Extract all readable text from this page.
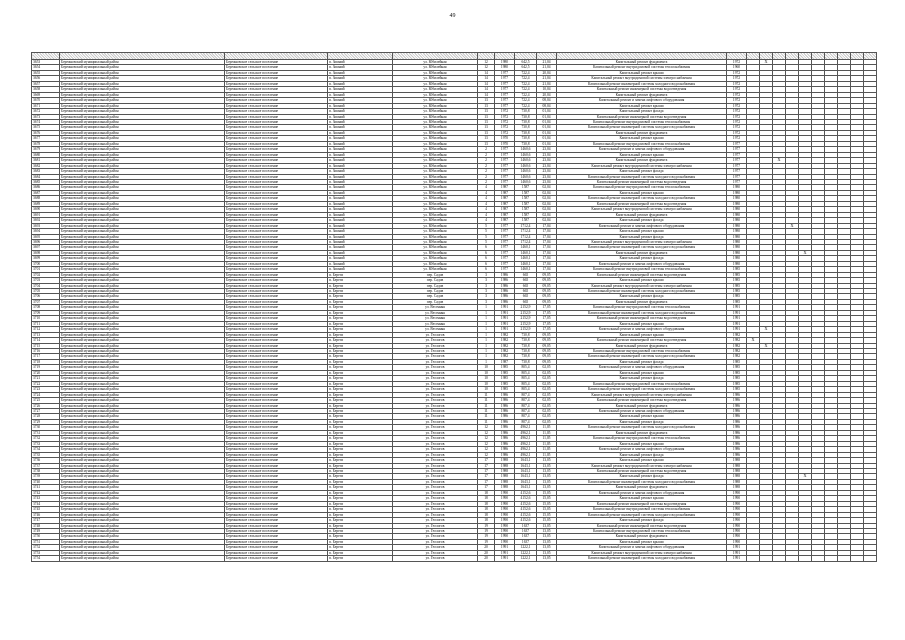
49

3653	Бережковский муниципальный район	Бережковское сельское поселение	п. Зимний	ул. Юбилейная	12	1980	642,5	21,04	Капитальный ремонт фундамента	1972		X								
3654	Бережковский муниципальный район	Бережковское сельское поселение	п. Зимний	ул. Юбилейная	12	1980	642,5	21,04	Капитальный ремонт внутридомовой системы теплоснабжения	1960										
3655	Бережковский муниципальный район	Бережковское сельское поселение	п. Зимний	ул. Юбилейная	14	1977	722,4	20,04	Капитальный ремонт крыши	1972										
3656	Бережковский муниципальный район	Бережковское сельское поселение	п. Зимний	ул. Юбилейная	14	1977	722,4	21,04	Капитальный ремонт внутридомовой системы электроснабжения	1972										
3657	Бережковский муниципальный район	Бережковское сельское поселение	п. Зимний	ул. Юбилейная	14	1977	722,4	21,04	Капитальный ремонт инженерной системы холодного водоснабжения	1972										
3658	Бережковский муниципальный район	Бережковское сельское поселение	п. Зимний	ул. Юбилейная	14	1977	722,4	10,04	Капитальный ремонт инженерной системы водоотведения	1972										
3669	Бережковский муниципальный район	Бережковское сельское поселение	п. Зимний	ул. Юбилейная	14	1977	722,4	20,04	Капитальный ремонт фундамента	1972										
3670	Бережковский муниципальный район	Бережковское сельское поселение	п. Зимний	ул. Юбилейная	13	1977	722,4	08,04	Капитальный ремонт и замена лифтового оборудования	1972										
3671	Бережковский муниципальный район	Бережковское сельское поселение	п. Зимний	ул. Юбилейная	13	1977	722,4	08,04	Капитальный ремонт крыши	1972										
3672	Бережковский муниципальный район	Бережковское сельское поселение	п. Зимний	ул. Юбилейная	13	1972	730,8	01,04	Капитальный ремонт фасада	1972										
3673	Бережковский муниципальный район	Бережковское сельское поселение	п. Зимний	ул. Юбилейная	13	1972	730,8	01,04	Капитальный ремонт инженерной системы водоотведения	1972										
3674	Бережковский муниципальный район	Бережковское сельское поселение	п. Зимний	ул. Юбилейная	13	1972	730,8	01,04	Капитальный ремонт внутридомовой системы теплоснабжения	1972										
3675	Бережковский муниципальный район	Бережковское сельское поселение	п. Зимний	ул. Юбилейная	13	1972	730,8	01,04	Капитальный ремонт инженерной системы холодного водоснабжения	1972										
3676	Бережковский муниципальный район	Бережковское сельское поселение	п. Зимний	ул. Юбилейная	13	1972	730,8	01,04	Капитальный ремонт фундамента	1972										
3677	Бережковский муниципальный район	Бережковское сельское поселение	п. Зимний	ул. Юбилейная	13	1970	730,8	01,04	Капитальный ремонт крыши	1972										
3678	Бережковский муниципальный район	Бережковское сельское поселение	п. Зимний	ул. Юбилейная	13	1970	730,8	01,04	Капитальный ремонт внутридомовой системы теплоснабжения	1977										
3679	Бережковский муниципальный район	Бережковское сельское поселение	п. Зимний	ул. Юбилейная	2	1977	1460,6	23,04	Капитальный ремонт и замена лифтового оборудования	1977										
3680	Бережковский муниципальный район	Бережковское сельское поселение	п. Зимний	ул. Юбилейная	2	1977	1460,6	23,04	Капитальный ремонт крыши	1977										
3681	Бережковский муниципальный район	Бережковское сельское поселение	п. Зимний	ул. Юбилейная	2	1977	1460,6	23,04	Капитальный ремонт фундамента	1977			X							
3682	Бережковский муниципальный район	Бережковское сельское поселение	п. Зимний	ул. Юбилейная	2	1977	1460,6	23,04	Капитальный ремонт внутридомовой системы электроснабжения	1977										
3683	Бережковский муниципальный район	Бережковское сельское поселение	п. Зимний	ул. Юбилейная	2	1977	1460,6	23,04	Капитальный ремонт фасада	1977										
3684	Бережковский муниципальный район	Бережковское сельское поселение	п. Зимний	ул. Юбилейная	2	1977	1460,6	23,04	Капитальный ремонт инженерной системы холодного водоснабжения	1977										
3685	Бережковский муниципальный район	Бережковское сельское поселение	п. Зимний	ул. Юбилейная	2	1977	1460,6	23,04	Капитальный ремонт инженерной системы водоотведения	1977										
3686	Бережковский муниципальный район	Бережковское сельское поселение	п. Зимний	ул. Юбилейная	4	1987	1587	02,04	Капитальный ремонт внутридомовой системы теплоснабжения	1980										
3687	Бережковский муниципальный район	Бережковское сельское поселение	п. Зимний	ул. Юбилейная	4	1987	1587	02,04	Капитальный ремонт крыши	1980										
3688	Бережковский муниципальный район	Бережковское сельское поселение	п. Зимний	ул. Юбилейная	4	1987	1587	02,04	Капитальный ремонт инженерной системы холодного водоснабжения	1980										
3689	Бережковский муниципальный район	Бережковское сельское поселение	п. Зимний	ул. Юбилейная	4	1987	1587	02,04	Капитальный ремонт инженерной системы водоотведения	1980										
3690	Бережковский муниципальный район	Бережковское сельское поселение	п. Зимний	ул. Юбилейная	4	1987	1587	02,04	Капитальный ремонт внутридомовой системы электроснабжения	1980										
3691	Бережковский муниципальный район	Бережковское сельское поселение	п. Зимний	ул. Юбилейная	4	1987	1587	02,04	Капитальный ремонт фундамента	1980										
3692	Бережковский муниципальный район	Бережковское сельское поселение	п. Зимний	ул. Юбилейная	4	1987	1587	02,04	Капитальный ремонт фасада	1980										
3693	Бережковский муниципальный район	Бережковское сельское поселение	п. Зимний	ул. Юбилейная	5	1977	1712,4	17,04	Капитальный ремонт и замена лифтового оборудования	1980				X						
3694	Бережковский муниципальный район	Бережковское сельское поселение	п. Зимний	ул. Юбилейная	5	1977	1712,4	17,04	Капитальный ремонт крыши	1980										
3695	Бережковский муниципальный район	Бережковское сельское поселение	п. Зимний	ул. Юбилейная	5	1977	1712,4	17,04	Капитальный ремонт фасада	1980										
3696	Бережковский муниципальный район	Бережковское сельское поселение	п. Зимний	ул. Юбилейная	5	1977	1712,4	17,04	Капитальный ремонт внутридомовой системы электроснабжения	1980										
3697	Бережковский муниципальный район	Бережковское сельское поселение	п. Зимний	ул. Юбилейная	6	1977	1460,1	17,04	Капитальный ремонт инженерной системы холодного водоснабжения	1980										
3698	Бережковский муниципальный район	Бережковское сельское поселение	п. Зимний	ул. Юбилейная	6	1977	1460,1	17,04	Капитальный ремонт фундамента	1980					X					
3699	Бережковский муниципальный район	Бережковское сельское поселение	п. Зимний	ул. Юбилейная	6	1977	1460,1	17,04	Капитальный ремонт фасада	1980										
3700	Бережковский муниципальный район	Бережковское сельское поселение	п. Зимний	ул. Юбилейная	6	1977	1460,1	17,04	Капитальный ремонт и замена лифтового оборудования	1980										
3701	Бережковский муниципальный район	Бережковское сельское поселение	п. Зимний	ул. Юбилейная	6	1977	1460,1	17,04	Капитальный ремонт внутридомовой системы теплоснабжения	1985										
3702	Бережковский муниципальный район	Бережковское сельское поселение	п. Береги	пер. Садов	3	1986	665	09,05	Капитальный ремонт инженерной системы водоотведения	1985										
3703	Бережковский муниципальный район	Бережковское сельское поселение	п. Береги	пер. Садов	3	1986	665	09,05	Капитальный ремонт крыши	1985										
3704	Бережковский муниципальный район	Бережковское сельское поселение	п. Береги	пер. Садов	3	1986	665	09,05	Капитальный ремонт внутридомовой системы электроснабжения	1985										
3705	Бережковский муниципальный район	Бережковское сельское поселение	п. Береги	пер. Садов	3	1986	665	09,05	Капитальный ремонт инженерной системы холодного водоснабжения	1985										
3706	Бережковский муниципальный район	Бережковское сельское поселение	п. Береги	пер. Садов	3	1986	665	09,05	Капитальный ремонт фасада	1985										
3707	Бережковский муниципальный район	Бережковское сельское поселение	п. Береги	пер. Садов	3	1986	665	09,05	Капитальный ремонт фундамента	1985										
3708	Бережковский муниципальный район	Бережковское сельское поселение	п. Береги	ул. Весенняя	1	1991	2152,9	17,05	Капитальный ремонт внутридомовой системы теплоснабжения	1991										
3709	Бережковский муниципальный район	Бережковское сельское поселение	п. Береги	ул. Весенняя	1	1991	2152,9	17,05	Капитальный ремонт инженерной системы холодного водоснабжения	1991										
3710	Бережковский муниципальный район	Бережковское сельское поселение	п. Береги	ул. Весенняя	1	1991	2152,9	17,05	Капитальный ремонт инженерной системы водоотведения	1991										
3711	Бережковский муниципальный район	Бережковское сельское поселение	п. Береги	ул. Весенняя	1	1991	2152,9	17,05	Капитальный ремонт крыши	1991										
3712	Бережковский муниципальный район	Бережковское сельское поселение	п. Береги	ул. Весенняя	1	1991	2152,9	17,05	Капитальный ремонт и замена лифтового оборудования	1991		X								
3713	Бережковский муниципальный район	Бережковское сельское поселение	п. Береги	ул. Геологов	1	1982	730,8	09,05	Капитальный ремонт крыши	1982										
3714	Бережковский муниципальный район	Бережковское сельское поселение	п. Береги	ул. Геологов	1	1982	730,8	09,05	Капитальный ремонт инженерной системы водоотведения	1982	X									
3715	Бережковский муниципальный район	Бережковское сельское поселение	п. Береги	ул. Геологов	1	1982	730,8	09,05	Капитальный ремонт фундамента	1982		X								
3716	Бережковский муниципальный район	Бережковское сельское поселение	п. Береги	ул. Геологов	1	1982	730,8	09,05	Капитальный ремонт внутридомовой системы теплоснабжения	1982										
3717	Бережковский муниципальный район	Бережковское сельское поселение	п. Береги	ул. Геологов	1	1982	730,8	09,05	Капитальный ремонт инженерной системы холодного водоснабжения	1982										
3718	Бережковский муниципальный район	Бережковское сельское поселение	п. Береги	ул. Геологов	1	1987	730,8	09,05	Капитальный ремонт фасада	1985										
3719	Бережковский муниципальный район	Бережковское сельское поселение	п. Береги	ул. Геологов	10	1985	805,4	02,05	Капитальный ремонт и замена лифтового оборудования	1985										
3720	Бережковский муниципальный район	Бережковское сельское поселение	п. Береги	ул. Геологов	10	1985	805,4	02,05	Капитальный ремонт крыши	1985										
3721	Бережковский муниципальный район	Бережковское сельское поселение	п. Береги	ул. Геологов	10	1985	805,4	02,05	Капитальный ремонт фасада	1985										
3722	Бережковский муниципальный район	Бережковское сельское поселение	п. Береги	ул. Геологов	10	1985	805,4	02,05	Капитальный ремонт внутридомовой системы теплоснабжения	1985										
3723	Бережковский муниципальный район	Бережковское сельское поселение	п. Береги	ул. Геологов	10	1985	805,4	02,05	Капитальный ремонт инженерной системы холодного водоснабжения	1985										
3724	Бережковский муниципальный район	Бережковское сельское поселение	п. Береги	ул. Геологов	11	1986	807,4	02,05	Капитальный ремонт внутридомовой системы электроснабжения	1986										
3725	Бережковский муниципальный район	Бережковское сельское поселение	п. Береги	ул. Геологов	11	1986	807,4	02,05	Капитальный ремонт инженерной системы водоотведения	1986										
3726	Бережковский муниципальный район	Бережковское сельское поселение	п. Береги	ул. Геологов	11	1986	807,4	02,05	Капитальный ремонт фундамента	1986										
3727	Бережковский муниципальный район	Бережковское сельское поселение	п. Береги	ул. Геологов	11	1986	807,4	02,05	Капитальный ремонт и замена лифтового оборудования	1986										
3728	Бережковский муниципальный район	Бережковское сельское поселение	п. Береги	ул. Геологов	11	1986	807,4	02,05	Капитальный ремонт крыши	1986										
3729	Бережковский муниципальный район	Бережковское сельское поселение	п. Береги	ул. Геологов	11	1986	807,4	02,05	Капитальный ремонт фасада	1986										
3730	Бережковский муниципальный район	Бережковское сельское поселение	п. Береги	ул. Геологов	12	1986	4962,1	11,05	Капитальный ремонт инженерной системы холодного водоснабжения	1986										
3731	Бережковский муниципальный район	Бережковское сельское поселение	п. Береги	ул. Геологов	12	1986	4962,1	11,05	Капитальный ремонт фундамента	1986										
3732	Бережковский муниципальный район	Бережковское сельское поселение	п. Береги	ул. Геологов	12	1986	4962,1	11,05	Капитальный ремонт внутридомовой системы теплоснабжения	1986										
3733	Бережковский муниципальный район	Бережковское сельское поселение	п. Береги	ул. Геологов	12	1986	4962,1	11,05	Капитальный ремонт крыши	1986										
3734	Бережковский муниципальный район	Бережковское сельское поселение	п. Береги	ул. Геологов	12	1986	4962,1	11,05	Капитальный ремонт и замена лифтового оборудования	1986										
3735	Бережковский муниципальный район	Бережковское сельское поселение	п. Береги	ул. Геологов	12	1986	4962,1	11,05	Капитальный ремонт фасада	1986										
3736	Бережковский муниципальный район	Бережковское сельское поселение	п. Береги	ул. Геологов	17	1988	1643,1	13,05	Капитальный ремонт крыши	1988										
3737	Бережковский муниципальный район	Бережковское сельское поселение	п. Береги	ул. Геологов	17	1988	1643,1	13,05	Капитальный ремонт внутридомовой системы электроснабжения	1988										
3738	Бережковский муниципальный район	Бережковское сельское поселение	п. Береги	ул. Геологов	17	1988	1643,1	13,05	Капитальный ремонт инженерной системы водоотведения	1988										
3739	Бережковский муниципальный район	Бережковское сельское поселение	п. Береги	ул. Геологов	17	1988	1643,1	13,05	Капитальный ремонт фасада	1988					X					
3740	Бережковский муниципальный район	Бережковское сельское поселение	п. Береги	ул. Геологов	17	1988	1643,1	13,05	Капитальный ремонт инженерной системы холодного водоснабжения	1988										
3741	Бережковский муниципальный район	Бережковское сельское поселение	п. Береги	ул. Геологов	17	1988	1643,1	13,05	Капитальный ремонт фундамента	1988										
3742	Бережковский муниципальный район	Бережковское сельское поселение	п. Береги	ул. Геологов	18	1990	4152,6	15,05	Капитальный ремонт и замена лифтового оборудования	1990										
3743	Бережковский муниципальный район	Бережковское сельское поселение	п. Береги	ул. Геологов	18	1990	4152,6	15,05	Капитальный ремонт крыши	1990										
3744	Бережковский муниципальный район	Бережковское сельское поселение	п. Береги	ул. Геологов	18	1990	4152,6	15,05	Капитальный ремонт инженерной системы водоотведения	1990										
3745	Бережковский муниципальный район	Бережковское сельское поселение	п. Береги	ул. Геологов	18	1990	4152,6	15,05	Капитальный ремонт внутридомовой системы теплоснабжения	1990										
3746	Бережковский муниципальный район	Бережковское сельское поселение	п. Береги	ул. Геологов	18	1990	4152,6	15,05	Капитальный ремонт инженерной системы холодного водоснабжения	1990										
3747	Бережковский муниципальный район	Бережковское сельское поселение	п. Береги	ул. Геологов	18	1990	4152,6	15,05	Капитальный ремонт фасада	1990										
3748	Бережковский муниципальный район	Бережковское сельское поселение	п. Береги	ул. Геологов	19	1990	1637	13,05	Капитальный ремонт инженерной системы водоотведения	1990										
3749	Бережковский муниципальный район	Бережковское сельское поселение	п. Береги	ул. Геологов	19	1990	1637	13,05	Капитальный ремонт внутридомовой системы теплоснабжения	1990										
3750	Бережковский муниципальный район	Бережковское сельское поселение	п. Береги	ул. Геологов	19	1990	1637	13,05	Капитальный ремонт фундамента	1990										
3751	Бережковский муниципальный район	Бережковское сельское поселение	п. Береги	ул. Геологов	19	1990	1637	13,05	Капитальный ремонт крыши	1990										
3752	Бережковский муниципальный район	Бережковское сельское поселение	п. Береги	ул. Геологов	20	1991	1222,1	13,05	Капитальный ремонт и замена лифтового оборудования	1991										
3753	Бережковский муниципальный район	Бережковское сельское поселение	п. Береги	ул. Геологов	20	1991	1222,1	13,05	Капитальный ремонт внутридомовой системы электроснабжения	1991										
3754	Бережковский муниципальный район	Бережковское сельское поселение	п. Береги	ул. Геологов	20	1991	1222,1	13,05	Капитальный ремонт инженерной системы холодного водоснабжения	1991										
